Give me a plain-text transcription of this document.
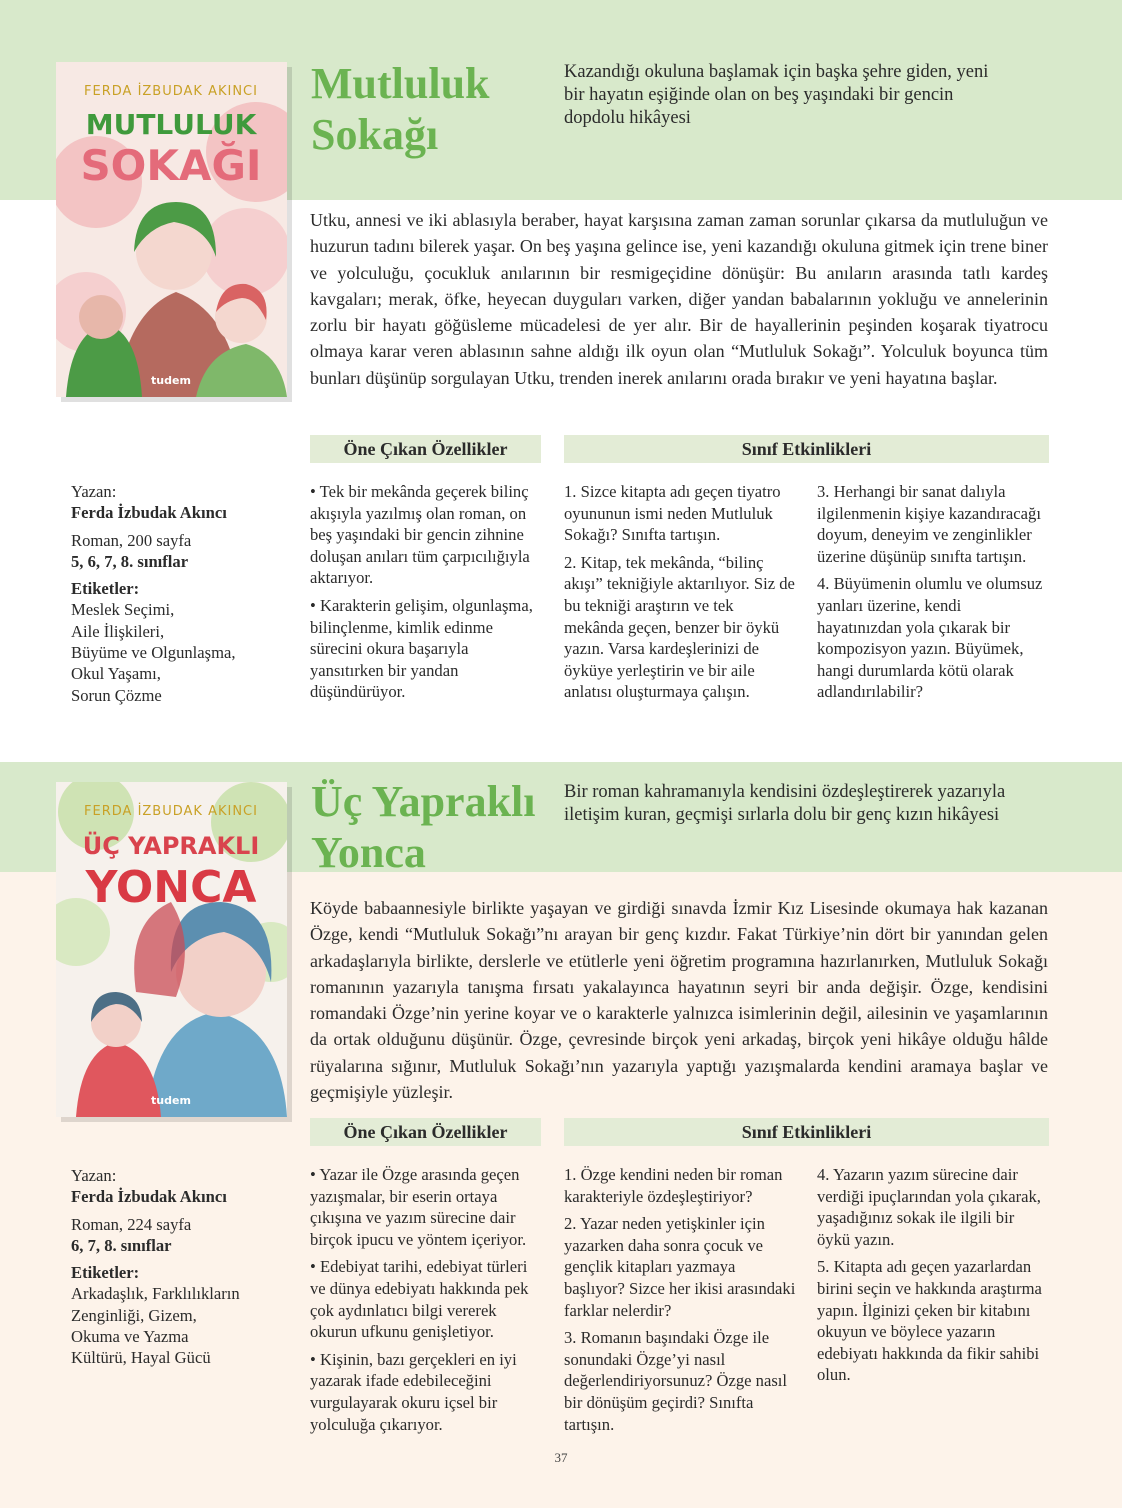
FERDA İZBUDAK AKINCI
MUTLULUK
SOKAĞI
tudem
Mutluluk
Sokağı

Kazandığı okuluna başlamak için başka şehre giden, yeni bir hayatın eşiğinde olan on beş yaşındaki bir gencin dopdolu hikâyesi

Utku, annesi ve iki ablasıyla beraber, hayat karşısına zaman zaman sorunlar çıkarsa da mutluluğun ve huzurun tadını bilerek yaşar. On beş yaşına gelince ise, yeni kazandığı okuluna gitmek için trene biner ve yolculuğu, çocukluk anılarının bir resmigeçidine dönüşür: Bu anıların arasında tatlı kardeş kavgaları; merak, öfke, heyecan duyguları varken, diğer yandan babalarının yokluğu ve annelerinin zorlu bir hayatı göğüsleme mücadelesi de yer alır. Bir de hayallerinin peşinden koşarak tiyatrocu olmaya karar veren ablasının sahne aldığı ilk oyun olan “Mutluluk Sokağı”. Yolculuk boyunca tüm bunları düşünüp sorgulayan Utku, trenden inerek anılarını orada bırakır ve yeni hayatına başlar.

Öne Çıkan Özellikler	Sınıf Etkinlikleri
Yazan:
Ferda İzbudak Akıncı
Roman, 200 sayfa
5, 6, 7, 8. sınıflar
Etiketler:
Meslek Seçimi,
Aile İlişkileri,
Büyüme ve Olgunlaşma,
Okul Yaşamı,
Sorun Çözme

• Tek bir mekânda geçerek bilinç akışıyla yazılmış olan roman, on beş yaşındaki bir gencin zihnine doluşan anıları tüm çarpıcılığıyla aktarıyor.

• Karakterin gelişim, olgunlaşma, bilinçlenme, kimlik edinme sürecini okura başarıyla yansıtırken bir yandan düşündürüyor.

1. Sizce kitapta adı geçen tiyatro oyununun ismi neden Mutluluk Sokağı? Sınıfta tartışın.

2. Kitap, tek mekânda, “bilinç akışı” tekniğiyle aktarılıyor. Siz de bu tekniği araştırın ve tek mekânda geçen, benzer bir öykü yazın. Varsa kardeşlerinizi de öyküye yerleştirin ve bir aile anlatısı oluşturmaya çalışın.

3. Herhangi bir sanat dalıyla ilgilenmenin kişiye kazandıracağı doyum, deneyim ve zenginlikler üzerine düşünüp sınıfta tartışın.

4. Büyümenin olumlu ve olumsuz yanları üzerine, kendi hayatınızdan yola çıkarak bir kompozisyon yazın. Büyümek, hangi durumlarda kötü olarak adlandırılabilir?

FERDA İZBUDAK AKINCI
ÜÇ YAPRAKLI
YONCA
tudem
Üç Yapraklı
Yonca

Bir roman kahramanıyla kendisini özdeşleştirerek yazarıyla iletişim kuran, geçmişi sırlarla dolu bir genç kızın hikâyesi

Köyde babaannesiyle birlikte yaşayan ve girdiği sınavda İzmir Kız Lisesinde okumaya hak kazanan Özge, kendi “Mutluluk Sokağı”nı arayan bir genç kızdır. Fakat Türkiye’nin dört bir yanından gelen arkadaşlarıyla birlikte, derslerle ve etütlerle yeni öğretim programına hazırlanırken, Mutluluk Sokağı romanının yazarıyla tanışma fırsatı yakalayınca hayatının seyri bir anda değişir. Özge, kendisini romandaki Özge’nin yerine koyar ve o karakterle yalnızca isimlerinin değil, ailesinin ve yaşamlarının da ortak olduğunu düşünür. Özge, çevresinde birçok yeni arkadaş, birçok yeni hikâye olduğu hâlde rüyalarına sığınır, Mutluluk Sokağı’nın yazarıyla yaptığı yazışmalarda kendini aramaya başlar ve geçmişiyle yüzleşir.

Öne Çıkan Özellikler	Sınıf Etkinlikleri
Yazan:
Ferda İzbudak Akıncı
Roman, 224 sayfa
6, 7, 8. sınıflar
Etiketler:
Arkadaşlık, Farklılıkların
Zenginliği, Gizem,
Okuma ve Yazma
Kültürü, Hayal Gücü

• Yazar ile Özge arasında geçen yazışmalar, bir eserin ortaya çıkışına ve yazım sürecine dair birçok ipucu ve yöntem içeriyor.

• Edebiyat tarihi, edebiyat türleri ve dünya edebiyatı hakkında pek çok aydınlatıcı bilgi vererek okurun ufkunu genişletiyor.

• Kişinin, bazı gerçekleri en iyi yazarak ifade edebileceğini vurgulayarak okuru içsel bir yolculuğa çıkarıyor.

1. Özge kendini neden bir roman karakteriyle özdeşleştiriyor?

2. Yazar neden yetişkinler için yazarken daha sonra çocuk ve gençlik kitapları yazmaya başlıyor? Sizce her ikisi arasındaki farklar nelerdir?

3. Romanın başındaki Özge ile sonundaki Özge’yi nasıl değerlendiriyorsunuz? Özge nasıl bir dönüşüm geçirdi? Sınıfta tartışın.

4. Yazarın yazım sürecine dair verdiği ipuçlarından yola çıkarak, yaşadığınız sokak ile ilgili bir öykü yazın.

5. Kitapta adı geçen yazarlardan birini seçin ve hakkında araştırma yapın. İlginizi çeken bir kitabını okuyun ve böylece yazarın edebiyatı hakkında da fikir sahibi olun.

37
